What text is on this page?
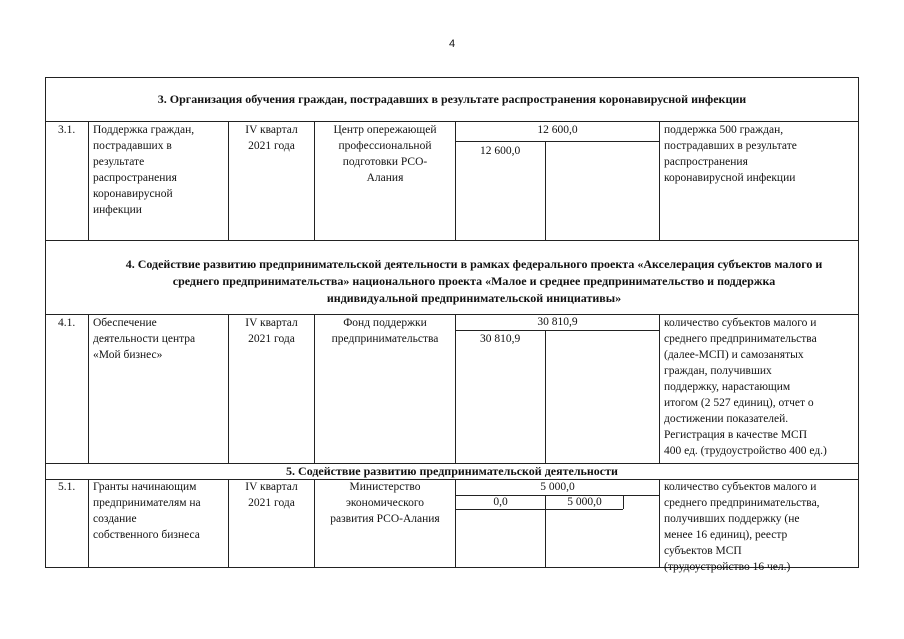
4
3. Организация обучения граждан, пострадавших в результате распространения коронавирусной инфекции
3.1. Поддержка граждан,
пострадавших в
результате
распространения
коронавирусной
инфекции
IV квартал
2021 года
Центр опережающей
профессиональной
подготовки РСО-
Алания
12 600,0
12 600,0
поддержка 500 граждан,
пострадавших в результате
распространения
коронавирусной инфекции
4. Содействие развитию предпринимательской деятельности в рамках федерального проекта «Акселерация субъектов малого и
среднего предпринимательства» национального проекта «Малое и среднее предпринимательство и поддержка
индивидуальной предпринимательской инициативы»
4.1. Обеспечение
деятельности центра
«Мой бизнес»
IV квартал
2021 года
Фонд поддержки
предпринимательства
30 810,9
30 810,9
количество субъектов малого и
среднего предпринимательства
(далее-МСП) и самозанятых
граждан, получивших
поддержку, нарастающим
итогом (2 527 единиц), отчет о
достижении показателей.
Регистрация в качестве МСП
400 ед. (трудоустройство 400 ед.)
5. Содействие развитию предпринимательской деятельности
5.1. Гранты начинающим
предпринимателям на
создание
собственного бизнеса
IV квартал
2021 года
Министерство
экономического
развития РСО-Алания
5 000,0
0,0	5 000,0
количество субъектов малого и
среднего предпринимательства,
получивших поддержку (не
менее 16 единиц), реестр
субъектов МСП
(трудоустройство 16 чел.)
